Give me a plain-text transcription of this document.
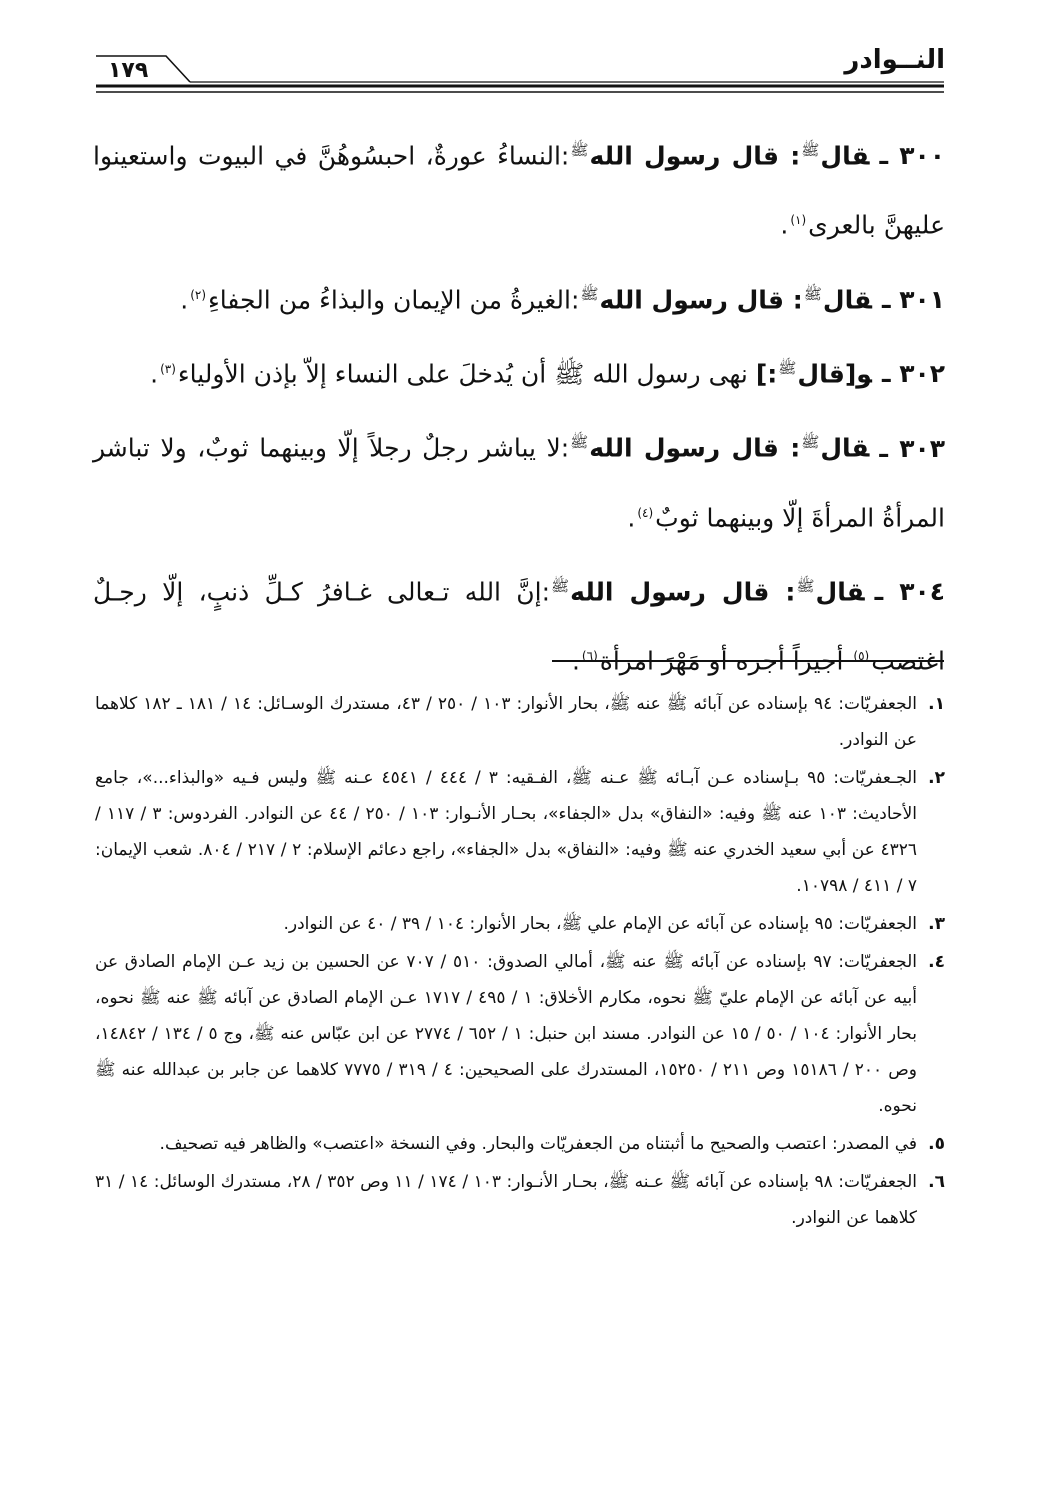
النــوادر
١٧٩

٣٠٠ ـقال$^ﷺ$: قال رسول الله$^ﷺ$:النساءُ عورةٌ، احبسُوهُنَّ في البيوت واستعينوا عليهنَّ بالعرى$^{(١)}$.

٣٠١ ـقال$^ﷺ$: قال رسول الله$^ﷺ$:الغيرةُ من الإيمان والبذاءُ من الجفاءِ$^{(٢)}$.

٣٠٢ ـو[قال$^ﷺ$:] نهى رسول الله ﷺ أن يُدخلَ على النساء إلاّ بإذن الأولياء$^{(٣)}$.

٣٠٣ ـقال$^ﷺ$: قال رسول الله$^ﷺ$:لا يباشر رجلٌ رجلاً إلّا وبينهما ثوبٌ، ولا تباشر المرأةُ المرأةَ إلّا وبينهما ثوبٌ$^{(٤)}$.

٣٠٤ ـقال$^ﷺ$: قال رسول الله$^ﷺ$:إنَّ الله تـعالى غـافرُ كـلِّ ذنبٍ، إلّا رجـلٌ اغتصب$^{(٥)}$ أجيراً أجره أو مَهْرَ امرأة$^{(٦)}$.

١.
الجعفريّات: ٩٤ بإسناده عن آبائه ﷺ عنه ﷺ، بحار الأنوار: ١٠٣ / ٢٥٠ / ٤٣، مستدرك الوسـائل: ١٤ / ١٨١ ـ ١٨٢ كلاهما عن النوادر.
٢.
الجـعفريّات: ٩٥ بـإسناده عـن آبـائه ﷺ عـنه ﷺ، الفـقيه: ٣ / ٤٤٤ / ٤٥٤١ عـنه ﷺ وليس فـيه «والبذاء...»، جامع الأحاديث: ١٠٣ عنه ﷺ وفيه: «النفاق» بدل «الجفاء»، بحـار الأنـوار: ١٠٣ / ٢٥٠ / ٤٤ عن النوادر. الفردوس: ٣ / ١١٧ / ٤٣٢٦ عن أبي سعيد الخدري عنه ﷺ وفيه: «النفاق» بدل «الجفاء»، راجع دعائم الإسلام: ٢ / ٢١٧ / ٨٠٤. شعب الإيمان: ٧ / ٤١١ / ١٠٧٩٨.
٣.
الجعفريّات: ٩٥ بإسناده عن آبائه عن الإمام علي ﷺ، بحار الأنوار: ١٠٤ / ٣٩ / ٤٠ عن النوادر.
٤.
الجعفريّات: ٩٧ بإسناده عن آبائه ﷺ عنه ﷺ، أمالي الصدوق: ٥١٠ / ٧٠٧ عن الحسين بن زيد عـن الإمام الصادق عن أبيه عن آبائه عن الإمام عليّ ﷺ نحوه، مكارم الأخلاق: ١ / ٤٩٥ / ١٧١٧ عـن الإمام الصادق عن آبائه ﷺ عنه ﷺ نحوه، بحار الأنوار: ١٠٤ / ٥٠ / ١٥ عن النوادر. مسند ابن حنبل: ١ / ٦٥٢ / ٢٧٧٤ عن ابن عبّاس عنه ﷺ، وج ٥ / ١٣٤ / ١٤٨٤٢، وص ٢٠٠ / ١٥١٨٦ وص ٢١١ / ١٥٢٥٠، المستدرك على الصحيحين: ٤ / ٣١٩ / ٧٧٧٥ كلاهما عن جابر بن عبدالله عنه ﷺ نحوه.
٥.
في المصدر: اعتصب والصحيح ما أثبتناه من الجعفريّات والبحار. وفي النسخة «اعتصب» والظاهر فيه تصحيف.
٦.
الجعفريّات: ٩٨ بإسناده عن آبائه ﷺ عـنه ﷺ، بحـار الأنـوار: ١٠٣ / ١٧٤ / ١١ وص ٣٥٢ / ٢٨، مستدرك الوسائل: ١٤ / ٣١ كلاهما عن النوادر.
